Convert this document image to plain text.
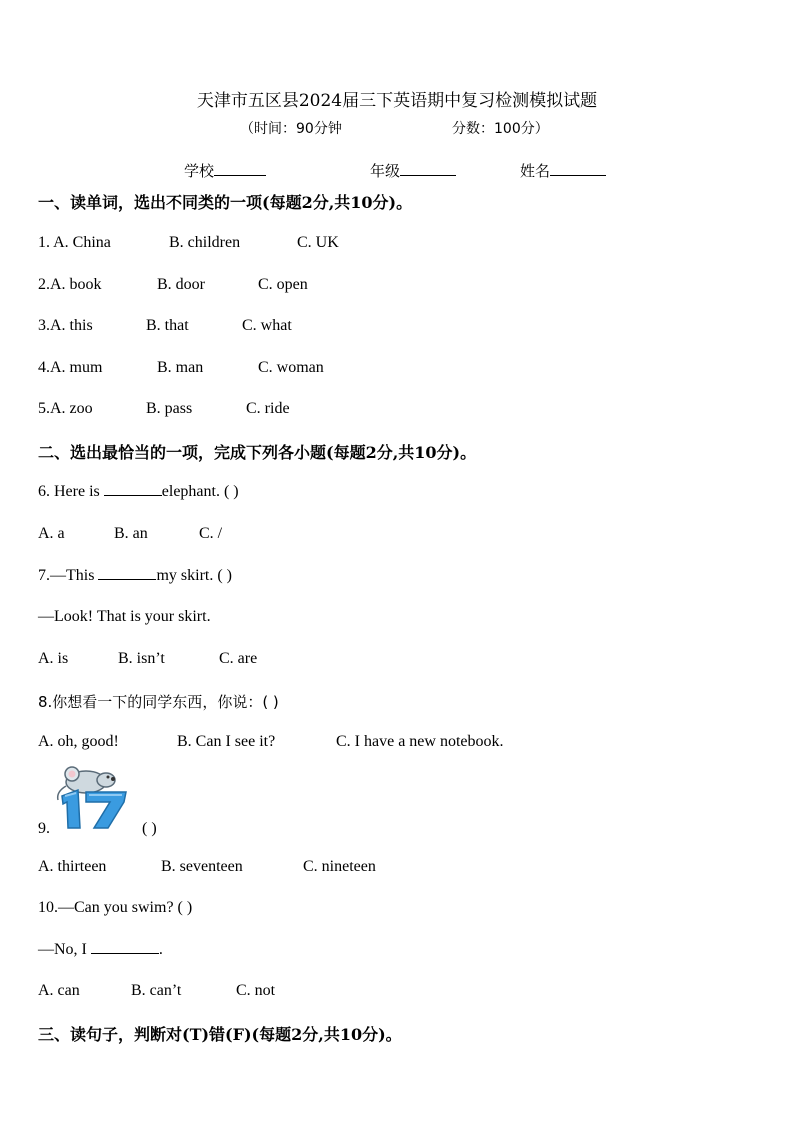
天津市五区县2024届三下英语期中复习检测模拟试题
（时间：90分钟	分数：100分）
学校	年级	姓名
一、读单词，选出不同类的一项(每题2分,共10分)。
1. A. China	B. children	C. UK
2.A. book	B. door	C. open
3.A. this	B. that	C. what
4.A. mum	B. man	C. woman
5.A. zoo	B. pass	C. ride
二、选出最恰当的一项，完成下列各小题(每题2分,共10分)。
6. Here is	elephant. ( )
A. a	B. an	C. /
7.—This	my skirt. ( )
—Look! That is your skirt.
A. is	B. isn’t	C. are
8.你想看一下的同学东西，你说：( )
A. oh, good!	B. Can I see it?	C. I have a new notebook.
9.	( )
A. thirteen	B. seventeen	C. nineteen
10.—Can you swim? ( )
—No, I	.
A. can	B. can’t	C. not
三、读句子，判断对(T)错(F)(每题2分,共10分)。
